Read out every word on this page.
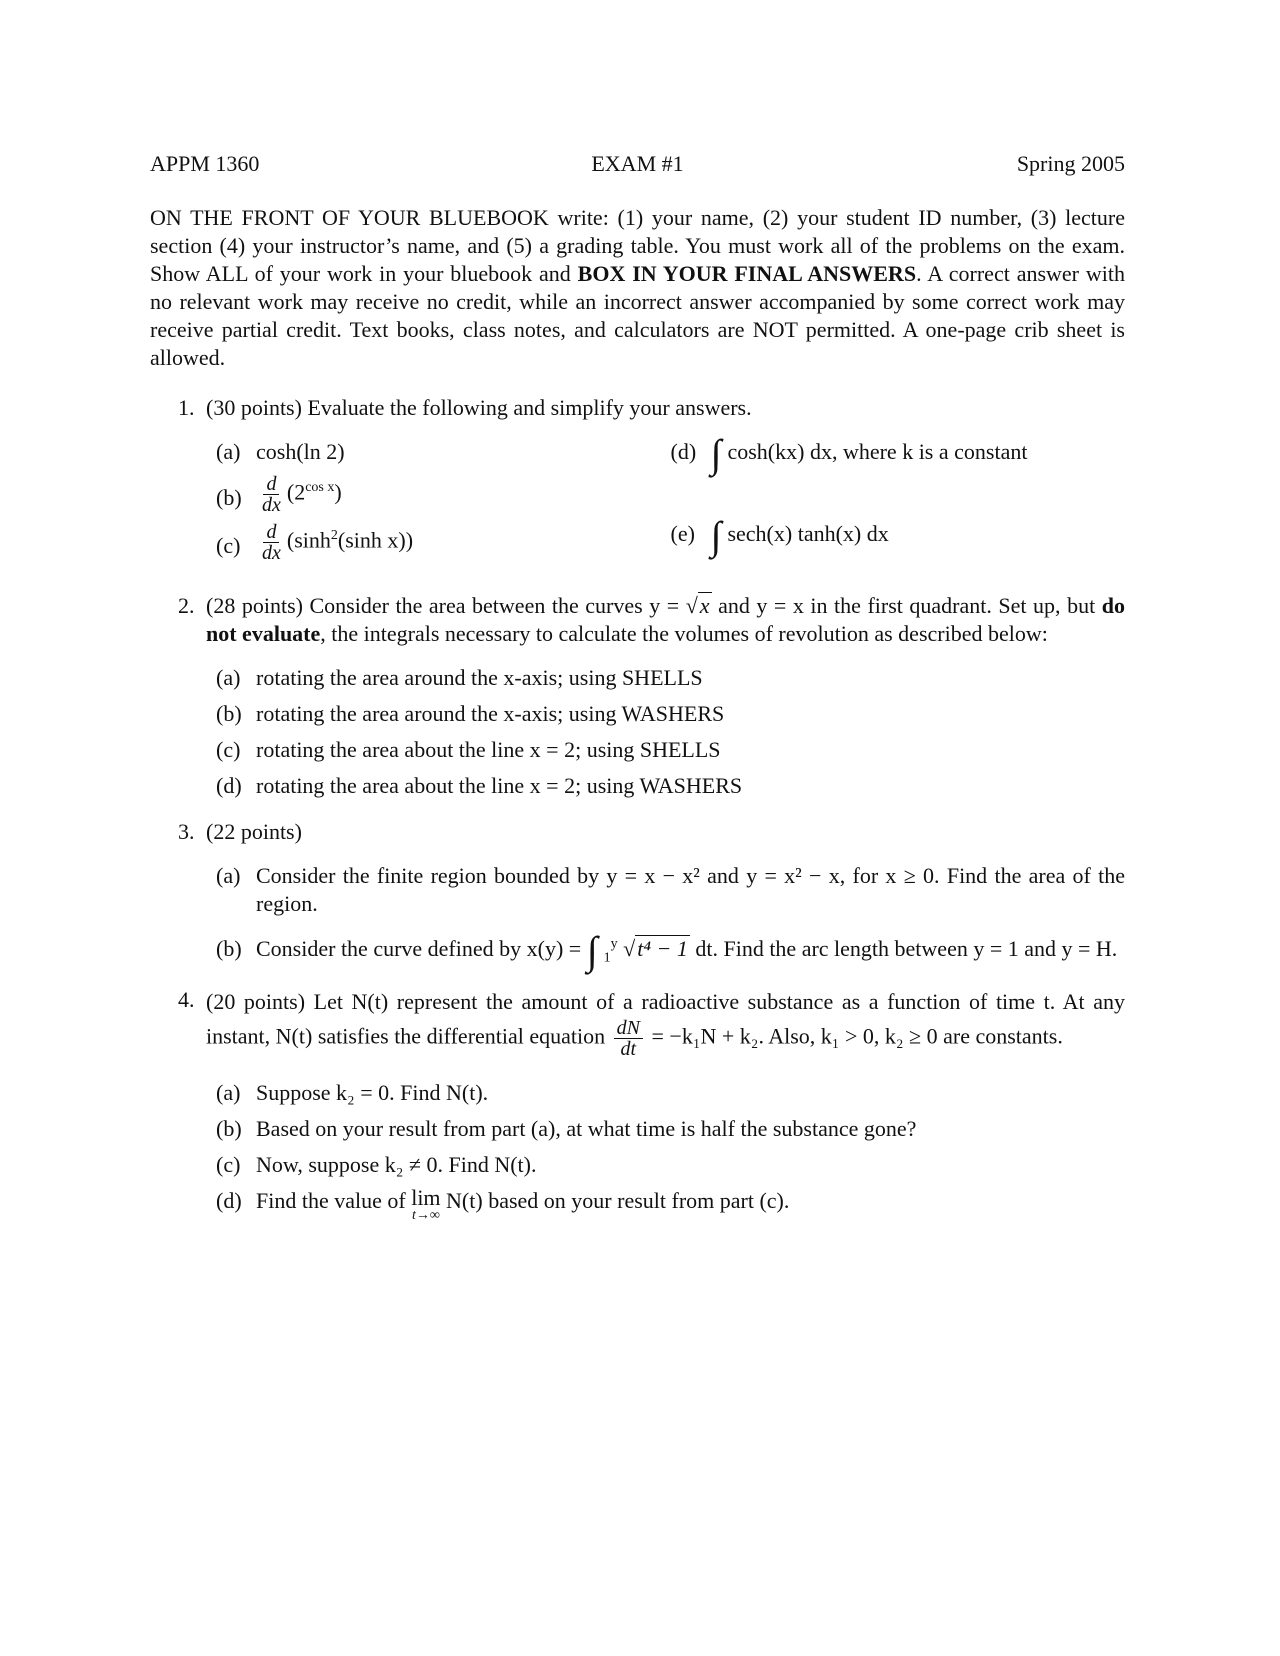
APPM 1360	EXAM #1	Spring 2005

ON THE FRONT OF YOUR BLUEBOOK write: (1) your name, (2) your student ID number, (3) lecture section (4) your instructor’s name, and (5) a grading table. You must work all of the problems on the exam. Show ALL of your work in your bluebook and BOX IN YOUR FINAL ANSWERS. A correct answer with no relevant work may receive no credit, while an incorrect answer accompanied by some correct work may receive partial credit. Text books, class notes, and calculators are NOT permitted. A one-page crib sheet is allowed.

1. (30 points) Evaluate the following and simplify your answers.
(a) cosh(ln 2)
$(b) \frac{d}{dx} (2^{cos x})$
$(c) \frac{d}{dx} (\sinh^2(\sinh$ x))
(d) ∫ cosh(kx) dx, where k is a constant
(e) ∫ sech(x) tanh(x) dx
2. (28 points) Consider the area between the curves y = √x and y = x in the first quadrant. Set up, but do not evaluate, the integrals necessary to calculate the volumes of revolution as described below:
(a) rotating the area around the x-axis; using SHELLS
(b) rotating the area around the x-axis; using WASHERS
(c) rotating the area about the line x = 2; using SHELLS
(d) rotating the area about the line x = 2; using WASHERS
3. (22 points)
(a) Consider the finite region bounded by y = x − x² and y = x² − x, for x ≥ 0. Find the area of the region.
(b) Consider the curve defined by x(y) = ∫ $_1^y$ √t⁴ − 1 dt. Find the arc length between y = 1 and y = H.
4. (20 points) Let N(t) represent the amount of a radioactive substance as a function of time t. At any instant, N(t) satisfies the differential equation $\frac{dN}{dt} = -k_1N + k_2$. Also, k₁ > 0, k₂ ≥ 0 are constants.
(a) Suppose k₂ = 0. Find N(t).
(b) Based on your result from part (a), at what time is half the substance gone?
(c) Now, suppose k₂ ≠ 0. Find N(t).
(d) Find the value of lim
t→∞
N(t) based on your result from part (c).
